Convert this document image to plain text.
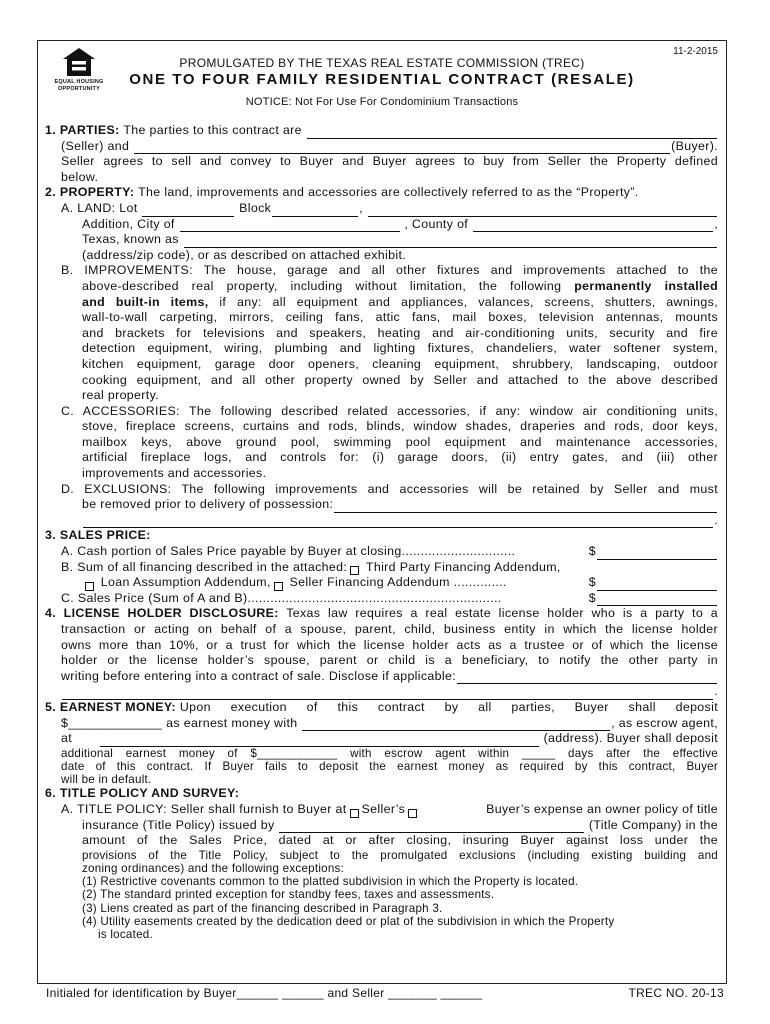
EQUAL HOUSING
OPPORTUNITY
11-2-2015
PROMULGATED BY THE TEXAS REAL ESTATE COMMISSION (TREC)
ONE TO FOUR FAMILY RESIDENTIAL CONTRACT (RESALE)
NOTICE: Not For Use For Condominium Transactions
1. PARTIES:
The parties to this contract are

(Seller) and
	(Buyer).
Seller agrees to sell and convey to Buyer and Buyer agrees to buy from Seller the Property defined
below.
2. PROPERTY:
The land, improvements and accessories are collectively referred to as the “Property”.
A. LAND: Lot

	Block	,

Addition, City of

	, County of
	,
Texas, known as

(address/zip code), or as described on attached exhibit.
B. IMPROVEMENTS: The house, garage and all other fixtures and improvements attached to the
above-described real property, including without limitation, the following permanently installed
and built-in items, if any: all equipment and appliances, valances, screens, shutters, awnings,
wall-to-wall carpeting, mirrors, ceiling fans, attic fans, mail boxes, television antennas, mounts
and brackets for televisions and speakers, heating and air-conditioning units, security and fire
detection equipment, wiring, plumbing and lighting fixtures, chandeliers, water softener system,
kitchen equipment, garage door openers, cleaning equipment, shrubbery, landscaping, outdoor
cooking equipment, and all other property owned by Seller and attached to the above described
real property.
C. ACCESSORIES: The following described related accessories, if any: window air conditioning units,
stove, fireplace screens, curtains and rods, blinds, window shades, draperies and rods, door keys,
mailbox keys, above ground pool, swimming pool equipment and maintenance accessories,
artificial fireplace logs, and controls for: (i) garage doors, (ii) entry gates, and (iii) other
improvements and accessories.
D. EXCLUSIONS: The following improvements and accessories will be retained by Seller and must
be removed prior to delivery of possession:
.
3. SALES PRICE:
A. Cash portion of Sales Price payable by Buyer at closing ..............................	$
B. Sum of all financing described in the attached:
Third Party Financing Addendum,

Loan Assumption Addendum,
Seller Financing Addendum
..............	$
C. Sales Price (Sum of A and B) ...................................................................	$
4. LICENSE HOLDER DISCLOSURE: Texas law requires a real estate license holder who is a party to a
transaction or acting on behalf of a spouse, parent, child, business entity in which the license holder
owns more than 10%, or a trust for which the license holder acts as a trustee or of which the license
holder or the license holder’s spouse, parent or child is a beneficiary, to notify the other party in
writing before entering into a contract of sale. Disclose if applicable:
.
5. EARNEST MONEY:
Upon execution of this contract by all parties, Buyer shall deposit
$_____________ as earnest money with
	, as escrow agent,
at

	(address). Buyer shall deposit
additional earnest money of $____________ with escrow agent within _____ days after the effective
date of this contract. If Buyer fails to deposit the earnest money as required by this contract, Buyer
will be in default.
6. TITLE POLICY AND SURVEY:
A. TITLE POLICY: Seller shall furnish to Buyer at Seller’s	Buyer’s expense an owner policy of title
insurance (Title Policy) issued by

	(Title Company) in the
amount of the Sales Price, dated at or after closing, insuring Buyer against loss under the
provisions of the Title Policy, subject to the promulgated exclusions (including existing building and
zoning ordinances) and the following exceptions:
(1) Restrictive covenants common to the platted subdivision in which the Property is located.
(2) The standard printed exception for standby fees, taxes and assessments.
(3) Liens created as part of the financing described in Paragraph 3.
(4) Utility easements created by the dedication deed or plat of the subdivision in which the Property
is located.
Initialed for identification by Buyer______ ______ and Seller _______ ______	TREC NO. 20-13
